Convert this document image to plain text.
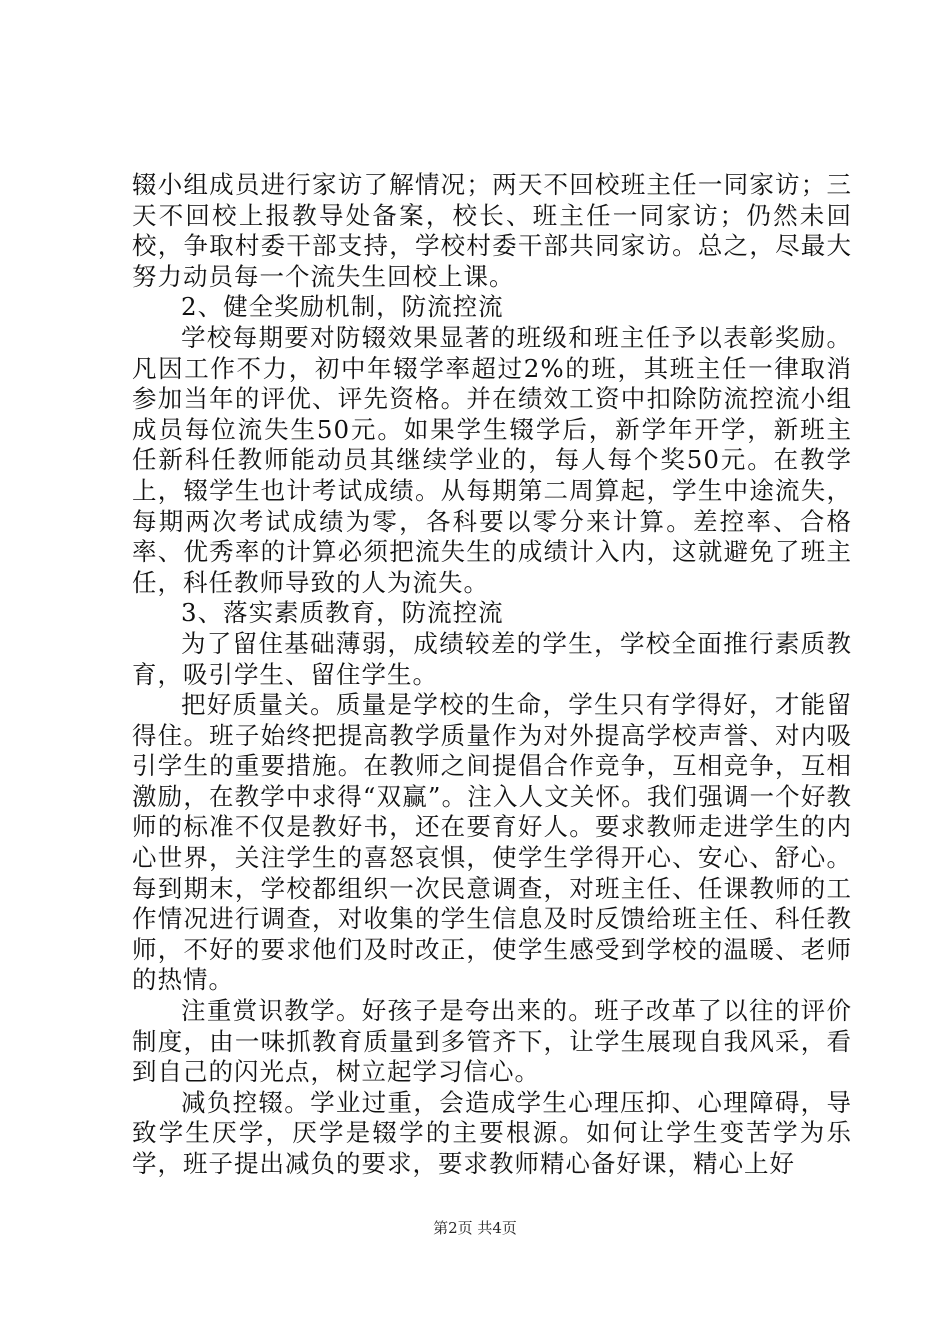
辍小组成员进行家访了解情况；两天不回校班主任一同家访；三天不回校上报教导处备案，校长、班主任一同家访；仍然未回校，争取村委干部支持，学校村委干部共同家访。总之，尽最大努力动员每一个流失生回校上课。

2、健全奖励机制，防流控流

学校每期要对防辍效果显著的班级和班主任予以表彰奖励。凡因工作不力，初中年辍学率超过2%的班，其班主任一律取消参加当年的评优、评先资格。并在绩效工资中扣除防流控流小组成员每位流失生50元。如果学生辍学后，新学年开学，新班主任新科任教师能动员其继续学业的，每人每个奖50元。在教学上，辍学生也计考试成绩。从每期第二周算起，学生中途流失，每期两次考试成绩为零，各科要以零分来计算。差控率、合格率、优秀率的计算必须把流失生的成绩计入内，这就避免了班主任，科任教师导致的人为流失。

3、落实素质教育，防流控流

为了留住基础薄弱，成绩较差的学生，学校全面推行素质教育，吸引学生、留住学生。

把好质量关。质量是学校的生命，学生只有学得好，才能留得住。班子始终把提高教学质量作为对外提高学校声誉、对内吸引学生的重要措施。在教师之间提倡合作竞争，互相竞争，互相激励，在教学中求得“双赢”。注入人文关怀。我们强调一个好教师的标准不仅是教好书，还在要育好人。要求教师走进学生的内心世界，关注学生的喜怒哀惧，使学生学得开心、安心、舒心。每到期末，学校都组织一次民意调查，对班主任、任课教师的工作情况进行调查，对收集的学生信息及时反馈给班主任、科任教师，不好的要求他们及时改正，使学生感受到学校的温暖、老师的热情。

注重赏识教学。好孩子是夸出来的。班子改革了以往的评价制度，由一味抓教育质量到多管齐下，让学生展现自我风采，看到自己的闪光点，树立起学习信心。

减负控辍。学业过重，会造成学生心理压抑、心理障碍，导致学生厌学，厌学是辍学的主要根源。如何让学生变苦学为乐学，班子提出减负的要求，要求教师精心备好课，精心上好

第2页 共4页
